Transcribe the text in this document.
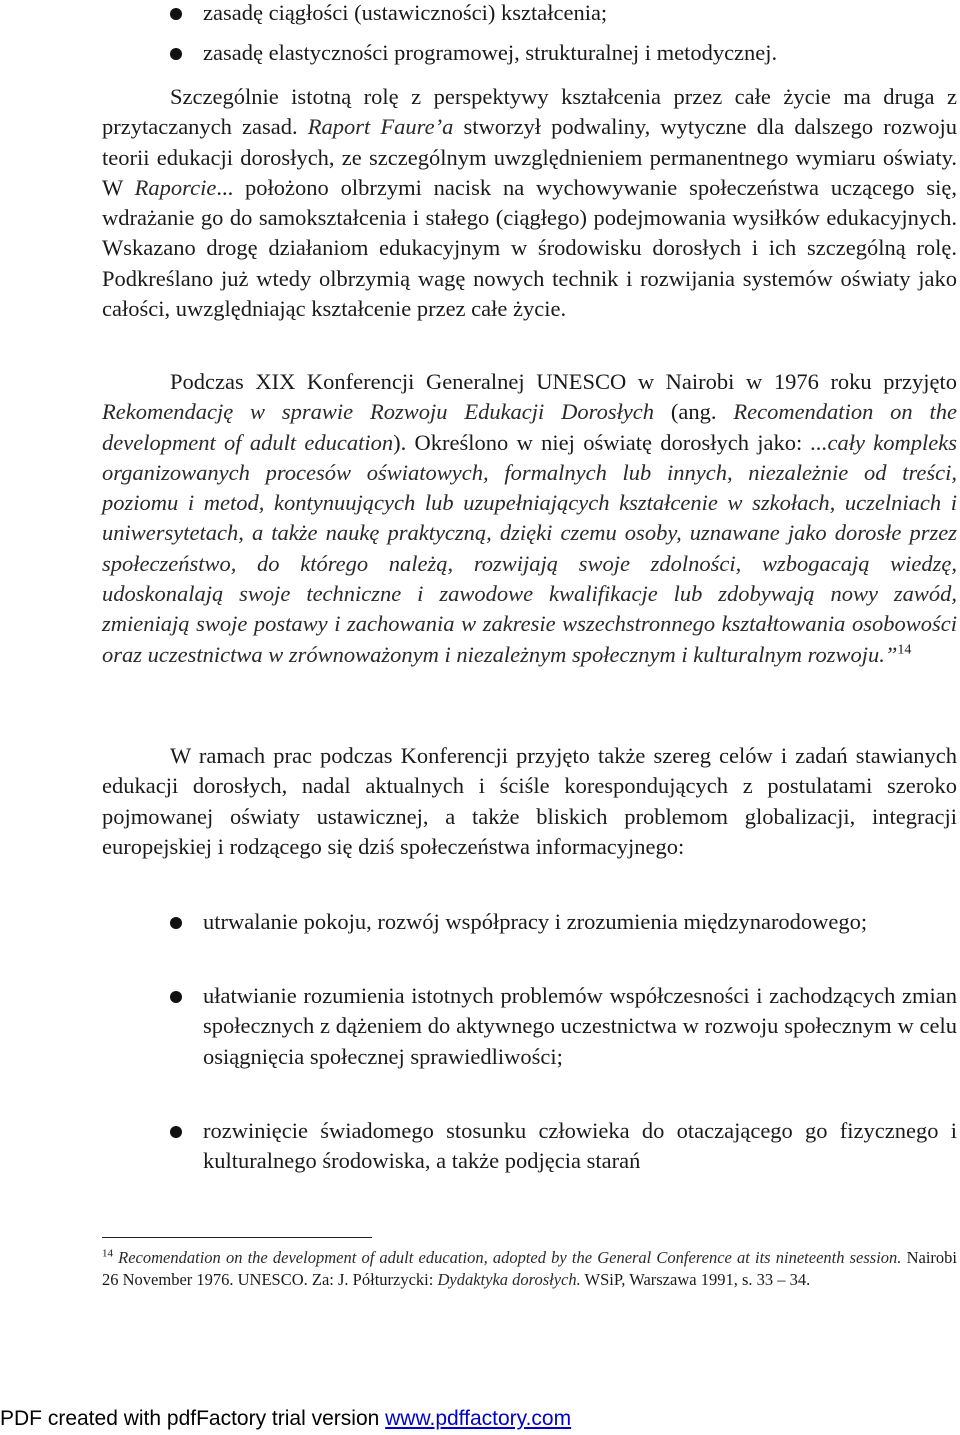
zasadę ciągłości (ustawiczności) kształcenia;
zasadę elastyczności programowej, strukturalnej i metodycznej.
Szczególnie istotną rolę z perspektywy kształcenia przez całe życie ma druga z przytaczanych zasad. Raport Faure’a stworzył podwaliny, wytyczne dla dalszego rozwoju teorii edukacji dorosłych, ze szczególnym uwzględnieniem permanentnego wymiaru oświaty. W Raporcie... położono olbrzymi nacisk na wychowywanie społeczeństwa uczącego się, wdrażanie go do samokształcenia i stałego (ciągłego) podejmowania wysiłków edukacyjnych. Wskazano drogę działaniom edukacyjnym w środowisku dorosłych i ich szczególną rolę. Podkreślano już wtedy olbrzymią wagę nowych technik i rozwijania systemów oświaty jako całości, uwzględniając kształcenie przez całe życie.
Podczas XIX Konferencji Generalnej UNESCO w Nairobi w 1976 roku przyjęto Rekomendację w sprawie Rozwoju Edukacji Dorosłych (ang. Recomendation on the development of adult education). Określono w niej oświatę dorosłych jako: ...cały kompleks organizowanych procesów oświatowych, formalnych lub innych, niezależnie od treści, poziomu i metod, kontynuujących lub uzupełniających kształcenie w szkołach, uczelniach i uniwersytetach, a także naukę praktyczną, dzięki czemu osoby, uznawane jako dorosłe przez społeczeństwo, do którego należą, rozwijają swoje zdolności, wzbogacają wiedzę, udoskonalają swoje techniczne i zawodowe kwalifikacje lub zdobywają nowy zawód, zmieniają swoje postawy i zachowania w zakresie wszechstronnego kształtowania osobowości oraz uczestnictwa w zrównoważonym i niezależnym społecznym i kulturalnym rozwoju.”$^{14}$
W ramach prac podczas Konferencji przyjęto także szereg celów i zadań stawianych edukacji dorosłych, nadal aktualnych i ściśle korespondujących z postulatami szeroko pojmowanej oświaty ustawicznej, a także bliskich problemom globalizacji, integracji europejskiej i rodzącego się dziś społeczeństwa informacyjnego:
utrwalanie pokoju, rozwój współpracy i zrozumienia międzynarodowego;
ułatwianie rozumienia istotnych problemów współczesności i zachodzących zmian społecznych z dążeniem do aktywnego uczestnictwa w rozwoju społecznym w celu osiągnięcia społecznej sprawiedliwości;
rozwinięcie świadomego stosunku człowieka do otaczającego go fizycznego i kulturalnego środowiska, a także podjęcia starań
$^{14}$ Recomendation on the development of adult education, adopted by the General Conference at its nineteenth session. Nairobi 26 November 1976. UNESCO. Za: J. Półturzycki: Dydaktyka dorosłych. WSiP, Warszawa 1991, s. 33 – 34.
PDF created with pdfFactory trial version www.pdffactory.com
